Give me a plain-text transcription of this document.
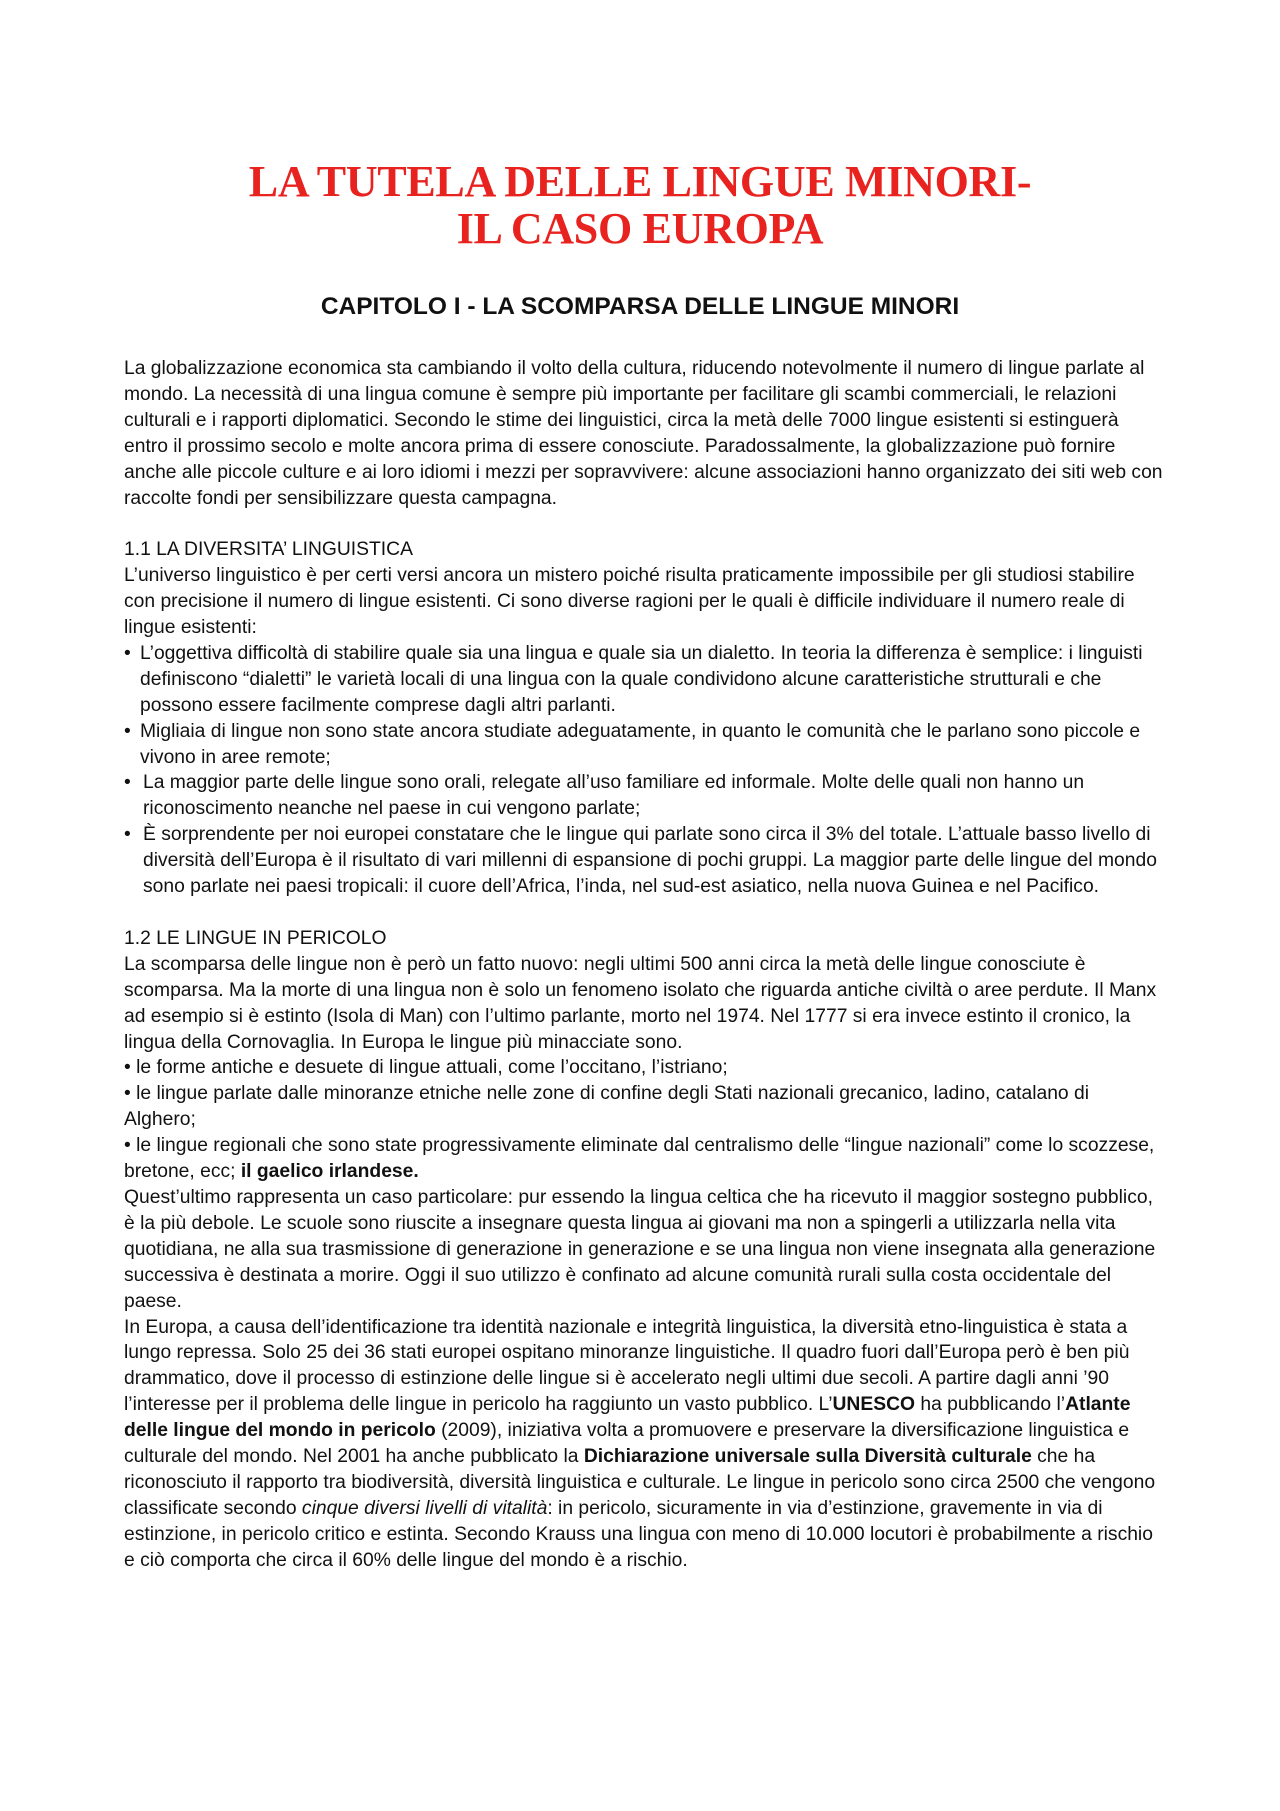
LA TUTELA DELLE LINGUE MINORI-
IL CASO EUROPA
CAPITOLO I - LA SCOMPARSA DELLE LINGUE MINORI

La globalizzazione economica sta cambiando il volto della cultura, riducendo notevolmente il numero di lingue parlate al mondo. La necessità di una lingua comune è sempre più importante per facilitare gli scambi commerciali, le relazioni culturali e i rapporti diplomatici. Secondo le stime dei linguistici, circa la metà delle 7000 lingue esistenti si estinguerà entro il prossimo secolo e molte ancora prima di essere conosciute. Paradossalmente, la globalizzazione può fornire anche alle piccole culture e ai loro idiomi i mezzi per sopravvivere: alcune associazioni hanno organizzato dei siti web con raccolte fondi per sensibilizzare questa campagna.

1.1 LA DIVERSITA’ LINGUISTICA

L’universo linguistico è per certi versi ancora un mistero poiché risulta praticamente impossibile per gli studiosi stabilire con precisione il numero di lingue esistenti. Ci sono diverse ragioni per le quali è difficile individuare il numero reale di lingue esistenti:

• L’oggettiva difficoltà di stabilire quale sia una lingua e quale sia un dialetto. In teoria la differenza è semplice: i linguisti definiscono “dialetti” le varietà locali di una lingua con la quale condividono alcune caratteristiche strutturali e che possono essere facilmente comprese dagli altri parlanti.
• Migliaia di lingue non sono state ancora studiate adeguatamente, in quanto le comunità che le parlano sono piccole e vivono in aree remote;
• La maggior parte delle lingue sono orali, relegate all’uso familiare ed informale. Molte delle quali non hanno un riconoscimento neanche nel paese in cui vengono parlate;
• È sorprendente per noi europei constatare che le lingue qui parlate sono circa il 3% del totale. L’attuale basso livello di diversità dell’Europa è il risultato di vari millenni di espansione di pochi gruppi. La maggior parte delle lingue del mondo sono parlate nei paesi tropicali: il cuore dell’Africa, l’inda, nel sud-est asiatico, nella nuova Guinea e nel Pacifico.

1.2 LE LINGUE IN PERICOLO

La scomparsa delle lingue non è però un fatto nuovo: negli ultimi 500 anni circa la metà delle lingue conosciute è scomparsa. Ma la morte di una lingua non è solo un fenomeno isolato che riguarda antiche civiltà o aree perdute. Il Manx ad esempio si è estinto (Isola di Man) con l’ultimo parlante, morto nel 1974. Nel 1777 si era invece estinto il cronico, la lingua della Cornovaglia. In Europa le lingue più minacciate sono.

• le forme antiche e desuete di lingue attuali, come l’occitano, l’istriano;

• le lingue parlate dalle minoranze etniche nelle zone di confine degli Stati nazionali grecanico, ladino, catalano di Alghero;

• le lingue regionali che sono state progressivamente eliminate dal centralismo delle “lingue nazionali” come lo scozzese, bretone, ecc; il gaelico irlandese.

Quest’ultimo rappresenta un caso particolare: pur essendo la lingua celtica che ha ricevuto il maggior sostegno pubblico, è la più debole. Le scuole sono riuscite a insegnare questa lingua ai giovani ma non a spingerli a utilizzarla nella vita quotidiana, ne alla sua trasmissione di generazione in generazione e se una lingua non viene insegnata alla generazione successiva è destinata a morire. Oggi il suo utilizzo è confinato ad alcune comunità rurali sulla costa occidentale del paese.

In Europa, a causa dell’identificazione tra identità nazionale e integrità linguistica, la diversità etno-linguistica è stata a lungo repressa. Solo 25 dei 36 stati europei ospitano minoranze linguistiche. Il quadro fuori dall’Europa però è ben più drammatico, dove il processo di estinzione delle lingue si è accelerato negli ultimi due secoli. A partire dagli anni ’90 l’interesse per il problema delle lingue in pericolo ha raggiunto un vasto pubblico. L’UNESCO ha pubblicando l’Atlante delle lingue del mondo in pericolo (2009), iniziativa volta a promuovere e preservare la diversificazione linguistica e culturale del mondo. Nel 2001 ha anche pubblicato la Dichiarazione universale sulla Diversità culturale che ha riconosciuto il rapporto tra biodiversità, diversità linguistica e culturale. Le lingue in pericolo sono circa 2500 che vengono classificate secondo cinque diversi livelli di vitalità: in pericolo, sicuramente in via d’estinzione, gravemente in via di estinzione, in pericolo critico e estinta. Secondo Krauss una lingua con meno di 10.000 locutori è probabilmente a rischio e ciò comporta che circa il 60% delle lingue del mondo è a rischio.
